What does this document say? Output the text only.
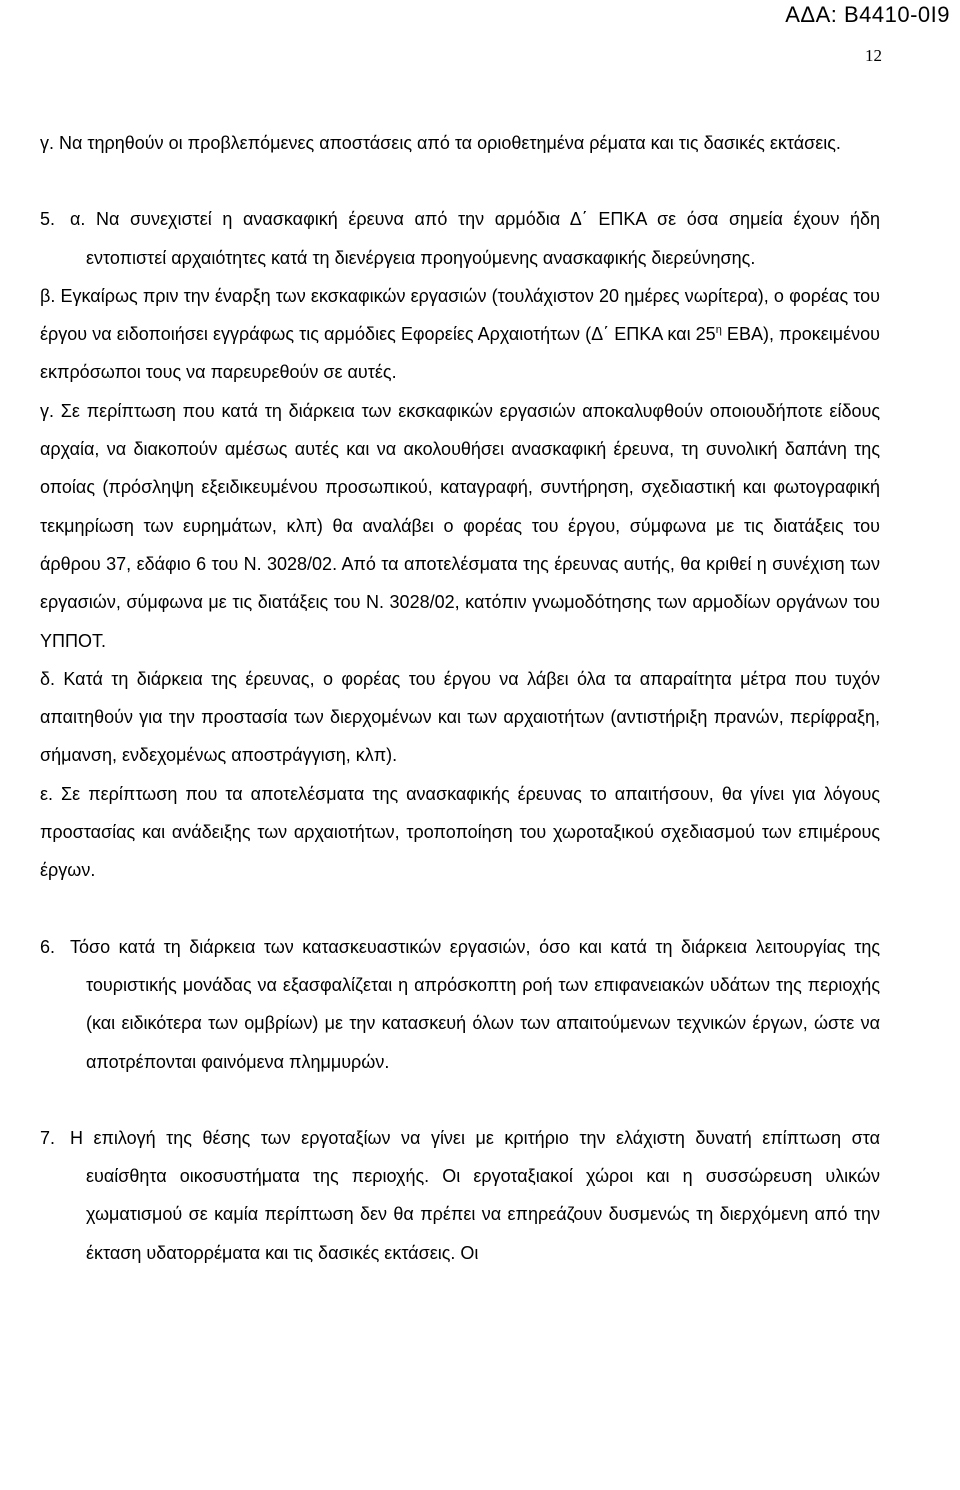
ΑΔΑ: Β4410-0Ι9
12

γ. Να τηρηθούν οι προβλεπόμενες αποστάσεις από τα οριοθετημένα ρέματα και τις δασικές εκτάσεις.

5. α. Να συνεχιστεί η ανασκαφική έρευνα από την αρμόδια Δ΄ ΕΠΚΑ σε όσα σημεία έχουν ήδη εντοπιστεί αρχαιότητες κατά τη διενέργεια προηγούμενης ανασκαφικής διερεύνησης.

β. Εγκαίρως πριν την έναρξη των εκσκαφικών εργασιών (τουλάχιστον 20 ημέρες νωρίτερα), ο φορέας του έργου να ειδοποιήσει εγγράφως τις αρμόδιες Εφορείες Αρχαιοτήτων (Δ΄ ΕΠΚΑ και $25^\eta$ ΕΒΑ), προκειμένου εκπρόσωποι τους να παρευρεθούν σε αυτές.

γ. Σε περίπτωση που κατά τη διάρκεια των εκσκαφικών εργασιών αποκαλυφθούν οποιουδήποτε είδους αρχαία, να διακοπούν αμέσως αυτές και να ακολουθήσει ανασκαφική έρευνα, τη συνολική δαπάνη της οποίας (πρόσληψη εξειδικευμένου προσωπικού, καταγραφή, συντήρηση, σχεδιαστική και φωτογραφική τεκμηρίωση των ευρημάτων, κλπ) θα αναλάβει ο φορέας του έργου, σύμφωνα με τις διατάξεις του άρθρου 37, εδάφιο 6 του Ν. 3028/02. Από τα αποτελέσματα της έρευνας αυτής, θα κριθεί η συνέχιση των εργασιών, σύμφωνα με τις διατάξεις του Ν. 3028/02, κατόπιν γνωμοδότησης των αρμοδίων οργάνων του ΥΠΠΟΤ.

δ. Κατά τη διάρκεια της έρευνας, ο φορέας του έργου να λάβει όλα τα απαραίτητα μέτρα που τυχόν απαιτηθούν για την προστασία των διερχομένων και των αρχαιοτήτων (αντιστήριξη πρανών, περίφραξη, σήμανση, ενδεχομένως αποστράγγιση, κλπ).

ε. Σε περίπτωση που τα αποτελέσματα της ανασκαφικής έρευνας το απαιτήσουν, θα γίνει για λόγους προστασίας και ανάδειξης των αρχαιοτήτων, τροποποίηση του χωροταξικού σχεδιασμού των επιμέρους έργων.

6. Τόσο κατά τη διάρκεια των κατασκευαστικών εργασιών, όσο και κατά τη διάρκεια λειτουργίας της τουριστικής μονάδας να εξασφαλίζεται η απρόσκοπτη ροή των επιφανειακών υδάτων της περιοχής (και ειδικότερα των ομβρίων) με την κατασκευή όλων των απαιτούμενων τεχνικών έργων, ώστε να αποτρέπονται φαινόμενα πλημμυρών.

7. Η επιλογή της θέσης των εργοταξίων να γίνει με κριτήριο την ελάχιστη δυνατή επίπτωση στα ευαίσθητα οικοσυστήματα της περιοχής. Οι εργοταξιακοί χώροι και η συσσώρευση υλικών χωματισμού σε καμία περίπτωση δεν θα πρέπει να επηρεάζουν δυσμενώς τη διερχόμενη από την έκταση υδατορρέματα και τις δασικές εκτάσεις. Οι
